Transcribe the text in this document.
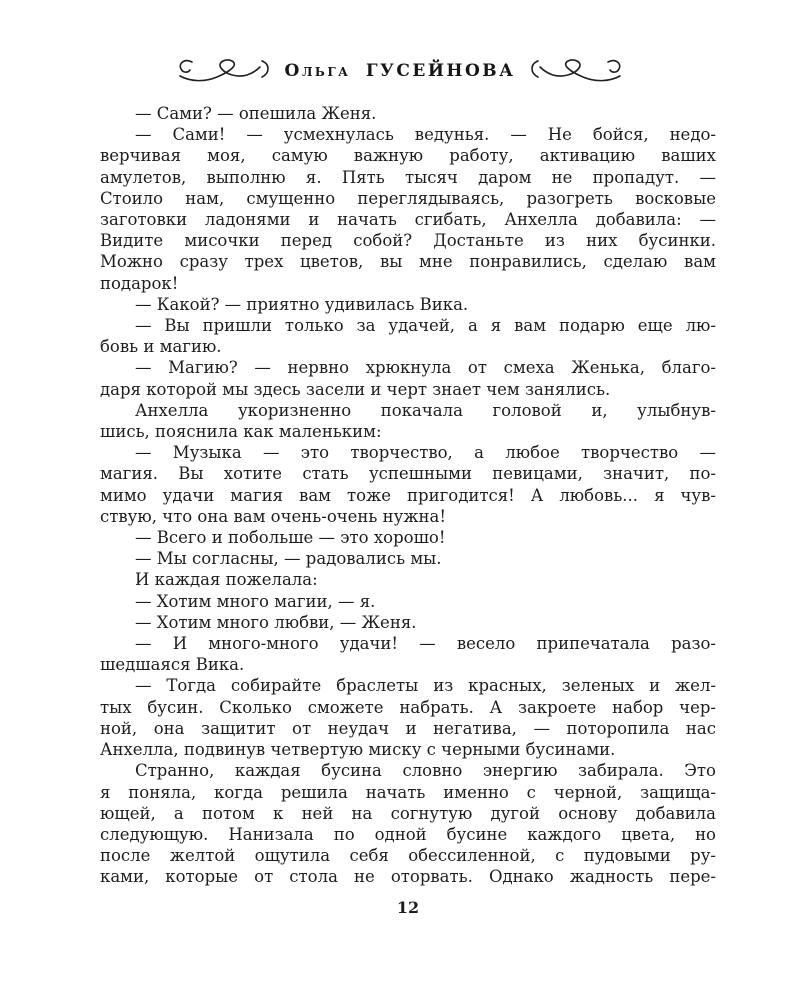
Ольга ГУСЕЙНОВА
— Сами? — опешила Женя.
— Сами! — усмехнулась ведунья. — Не бойся, недо-
верчивая моя, самую важную работу, активацию ваших
амулетов, выполню я. Пять тысяч даром не пропадут. —
Стоило нам, смущенно переглядываясь, разогреть восковые
заготовки ладонями и начать сгибать, Анхелла добавила: —
Видите мисочки перед собой? Достаньте из них бусинки.
Можно сразу трех цветов, вы мне понравились, сделаю вам
подарок!
— Какой? — приятно удивилась Вика.
— Вы пришли только за удачей, а я вам подарю еще лю-
бовь и магию.
— Магию? — нервно хрюкнула от смеха Женька, благо-
даря которой мы здесь засели и черт знает чем занялись.
Анхелла укоризненно покачала головой и, улыбнув-
шись, пояснила как маленьким:
— Музыка — это творчество, а любое творчество —
магия. Вы хотите стать успешными певицами, значит, по-
мимо удачи магия вам тоже пригодится! А любовь... я чув-
ствую, что она вам очень-очень нужна!
— Всего и побольше — это хорошо!
— Мы согласны, — радовались мы.
И каждая пожелала:
— Хотим много магии, — я.
— Хотим много любви, — Женя.
— И много-много удачи! — весело припечатала разо-
шедшаяся Вика.
— Тогда собирайте браслеты из красных, зеленых и жел-
тых бусин. Сколько сможете набрать. А закроете набор чер-
ной, она защитит от неудач и негатива, — поторопила нас
Анхелла, подвинув четвертую миску с черными бусинами.
Странно, каждая бусина словно энергию забирала. Это
я поняла, когда решила начать именно с черной, защища-
ющей, а потом к ней на согнутую дугой основу добавила
следующую. Нанизала по одной бусине каждого цвета, но
после желтой ощутила себя обессиленной, с пудовыми ру-
ками, которые от стола не оторвать. Однако жадность пере-
12
